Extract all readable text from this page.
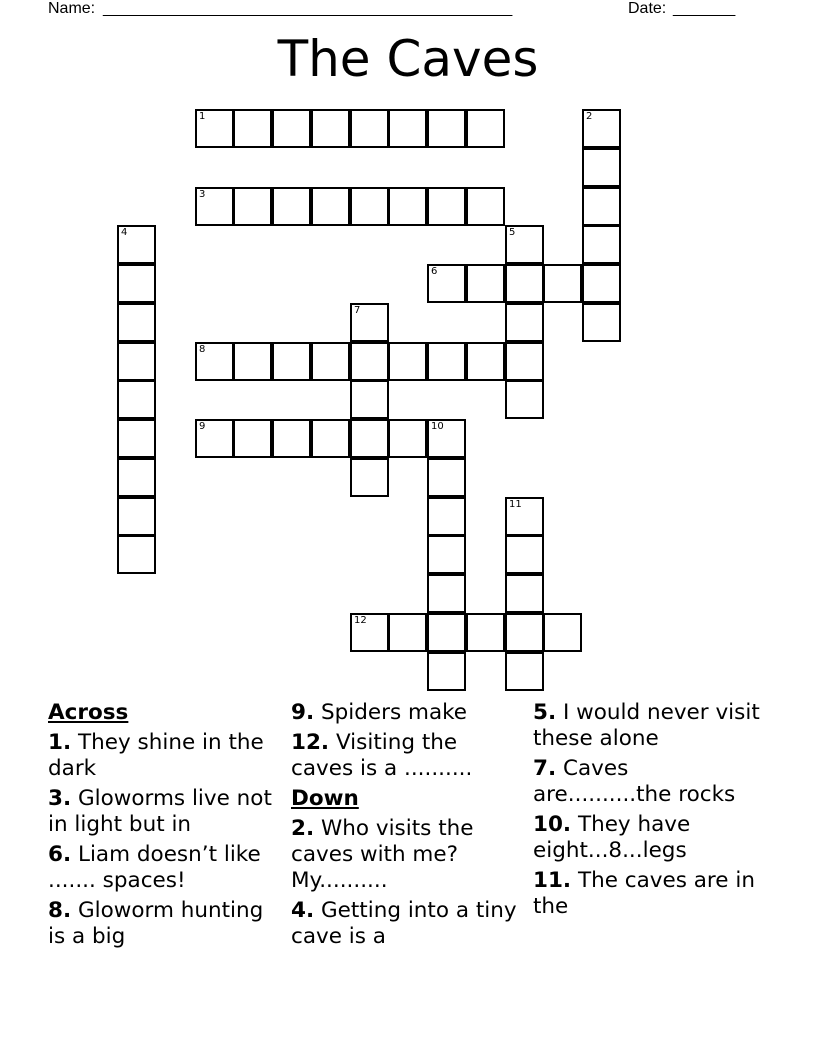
Name: ______________________________________________	Date: _______
The Caves
1	2
3
4	5
6
7
8
9	10
11
12
Across
1. They shine in the dark
3. Gloworms live not in light but in
6. Liam doesn’t like ....... spaces!
8. Gloworm hunting is a big
9. Spiders make
12. Visiting the caves is a ..........
Down
2. Who visits the caves with me? My..........
4. Getting into a tiny cave is a
5. I would never visit these alone
7. Caves are..........the rocks
10. They have eight...8...legs
11. The caves are in the
